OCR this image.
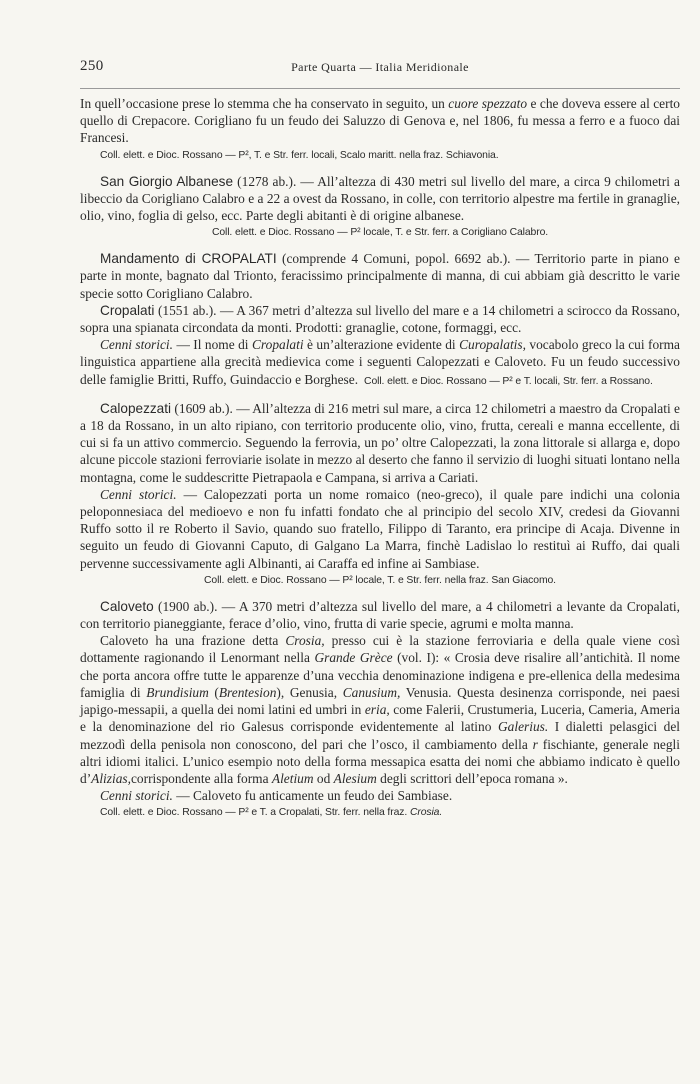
250	Parte Quarta — Italia Meridionale

In quell’occasione prese lo stemma che ha conservato in seguito, un cuore spezzato e che doveva essere al certo quello di Crepacore. Corigliano fu un feudo dei Saluzzo di Genova e, nel 1806, fu messa a ferro e a fuoco dai Francesi.

Coll. elett. e Dioc. Rossano — P², T. e Str. ferr. locali, Scalo maritt. nella fraz. Schiavonia.

San Giorgio Albanese (1278 ab.). — All’altezza di 430 metri sul livello del mare, a circa 9 chilometri a libeccio da Corigliano Calabro e a 22 a ovest da Rossano, in colle, con territorio alpestre ma fertile in granaglie, olio, vino, foglia di gelso, ecc. Parte degli abitanti è di origine albanese.

Coll. elett. e Dioc. Rossano — P² locale, T. e Str. ferr. a Corigliano Calabro.

Mandamento di CROPALATI (comprende 4 Comuni, popol. 6692 ab.). — Territorio parte in piano e parte in monte, bagnato dal Trionto, feracissimo principalmente di manna, di cui abbiam già descritto le varie specie sotto Corigliano Calabro.

Cropalati (1551 ab.). — A 367 metri d’altezza sul livello del mare e a 14 chilometri a scirocco da Rossano, sopra una spianata circondata da monti. Prodotti: granaglie, cotone, formaggi, ecc.

Cenni storici. — Il nome di Cropalati è un’alterazione evidente di Curopalatis, vocabolo greco la cui forma linguistica appartiene alla grecità medievica come i seguenti Calopezzati e Caloveto. Fu un feudo successivo delle famiglie Britti, Ruffo, Guindaccio e Borghese. Coll. elett. e Dioc. Rossano — P² e T. locali, Str. ferr. a Rossano.

Calopezzati (1609 ab.). — All’altezza di 216 metri sul mare, a circa 12 chilometri a maestro da Cropalati e a 18 da Rossano, in un alto ripiano, con territorio producente olio, vino, frutta, cereali e manna eccellente, di cui si fa un attivo commercio. Seguendo la ferrovia, un po’ oltre Calopezzati, la zona littorale si allarga e, dopo alcune piccole stazioni ferroviarie isolate in mezzo al deserto che fanno il servizio di luoghi situati lontano nella montagna, come le suddescritte Pietrapaola e Campana, si arriva a Cariati.

Cenni storici. — Calopezzati porta un nome romaico (neo-greco), il quale pare indichi una colonia peloponnesiaca del medioevo e non fu infatti fondato che al principio del secolo XIV, credesi da Giovanni Ruffo sotto il re Roberto il Savio, quando suo fratello, Filippo di Taranto, era principe di Acaja. Divenne in seguito un feudo di Giovanni Caputo, di Galgano La Marra, finchè Ladislao lo restituì ai Ruffo, dai quali pervenne successivamente agli Albinanti, ai Caraffa ed infine ai Sambiase.

Coll. elett. e Dioc. Rossano — P² locale, T. e Str. ferr. nella fraz. San Giacomo.

Caloveto (1900 ab.). — A 370 metri d’altezza sul livello del mare, a 4 chilometri a levante da Cropalati, con territorio pianeggiante, ferace d’olio, vino, frutta di varie specie, agrumi e molta manna.

Caloveto ha una frazione detta Crosia, presso cui è la stazione ferroviaria e della quale viene così dottamente ragionando il Lenormant nella Grande Grèce (vol. I): « Crosia deve risalire all’antichità. Il nome che porta ancora offre tutte le apparenze d’una vecchia denominazione indigena e pre-ellenica della medesima famiglia di Brundisium (Brentesion), Genusia, Canusium, Venusia. Questa desinenza corrisponde, nei paesi japigo-messapii, a quella dei nomi latini ed umbri in eria, come Falerii, Crustumeria, Luceria, Cameria, Ameria e la denominazione del rio Galesus corrisponde evidentemente al latino Galerius. I dialetti pelasgici del mezzodì della penisola non conoscono, del pari che l’osco, il cambiamento della r fischiante, generale negli altri idiomi italici. L’unico esempio noto della forma messapica esatta dei nomi che abbiamo indicato è quello d’Alizias,corrispondente alla forma Aletium od Alesium degli scrittori dell’epoca romana ».

Cenni storici. — Caloveto fu anticamente un feudo dei Sambiase.

Coll. elett. e Dioc. Rossano — P² e T. a Cropalati, Str. ferr. nella fraz. Crosia.
